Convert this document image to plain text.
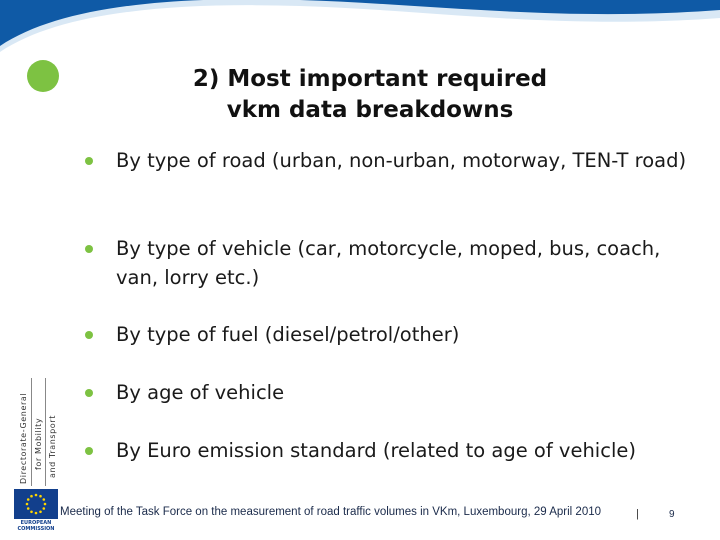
2) Most important required
vkm data breakdowns
By type of road (urban, non-urban, motorway, TEN-T road)
By type of vehicle (car, motorcycle, moped, bus, coach, van, lorry etc.)
By type of fuel (diesel/petrol/other)
By age of vehicle
By Euro emission standard (related to age of vehicle)
Directorate-General for Mobility and Transport
EUROPEAN COMMISSION
Meeting of the Task Force on the measurement of road traffic volumes in VKm, Luxembourg, 29 April 2010	|	9
